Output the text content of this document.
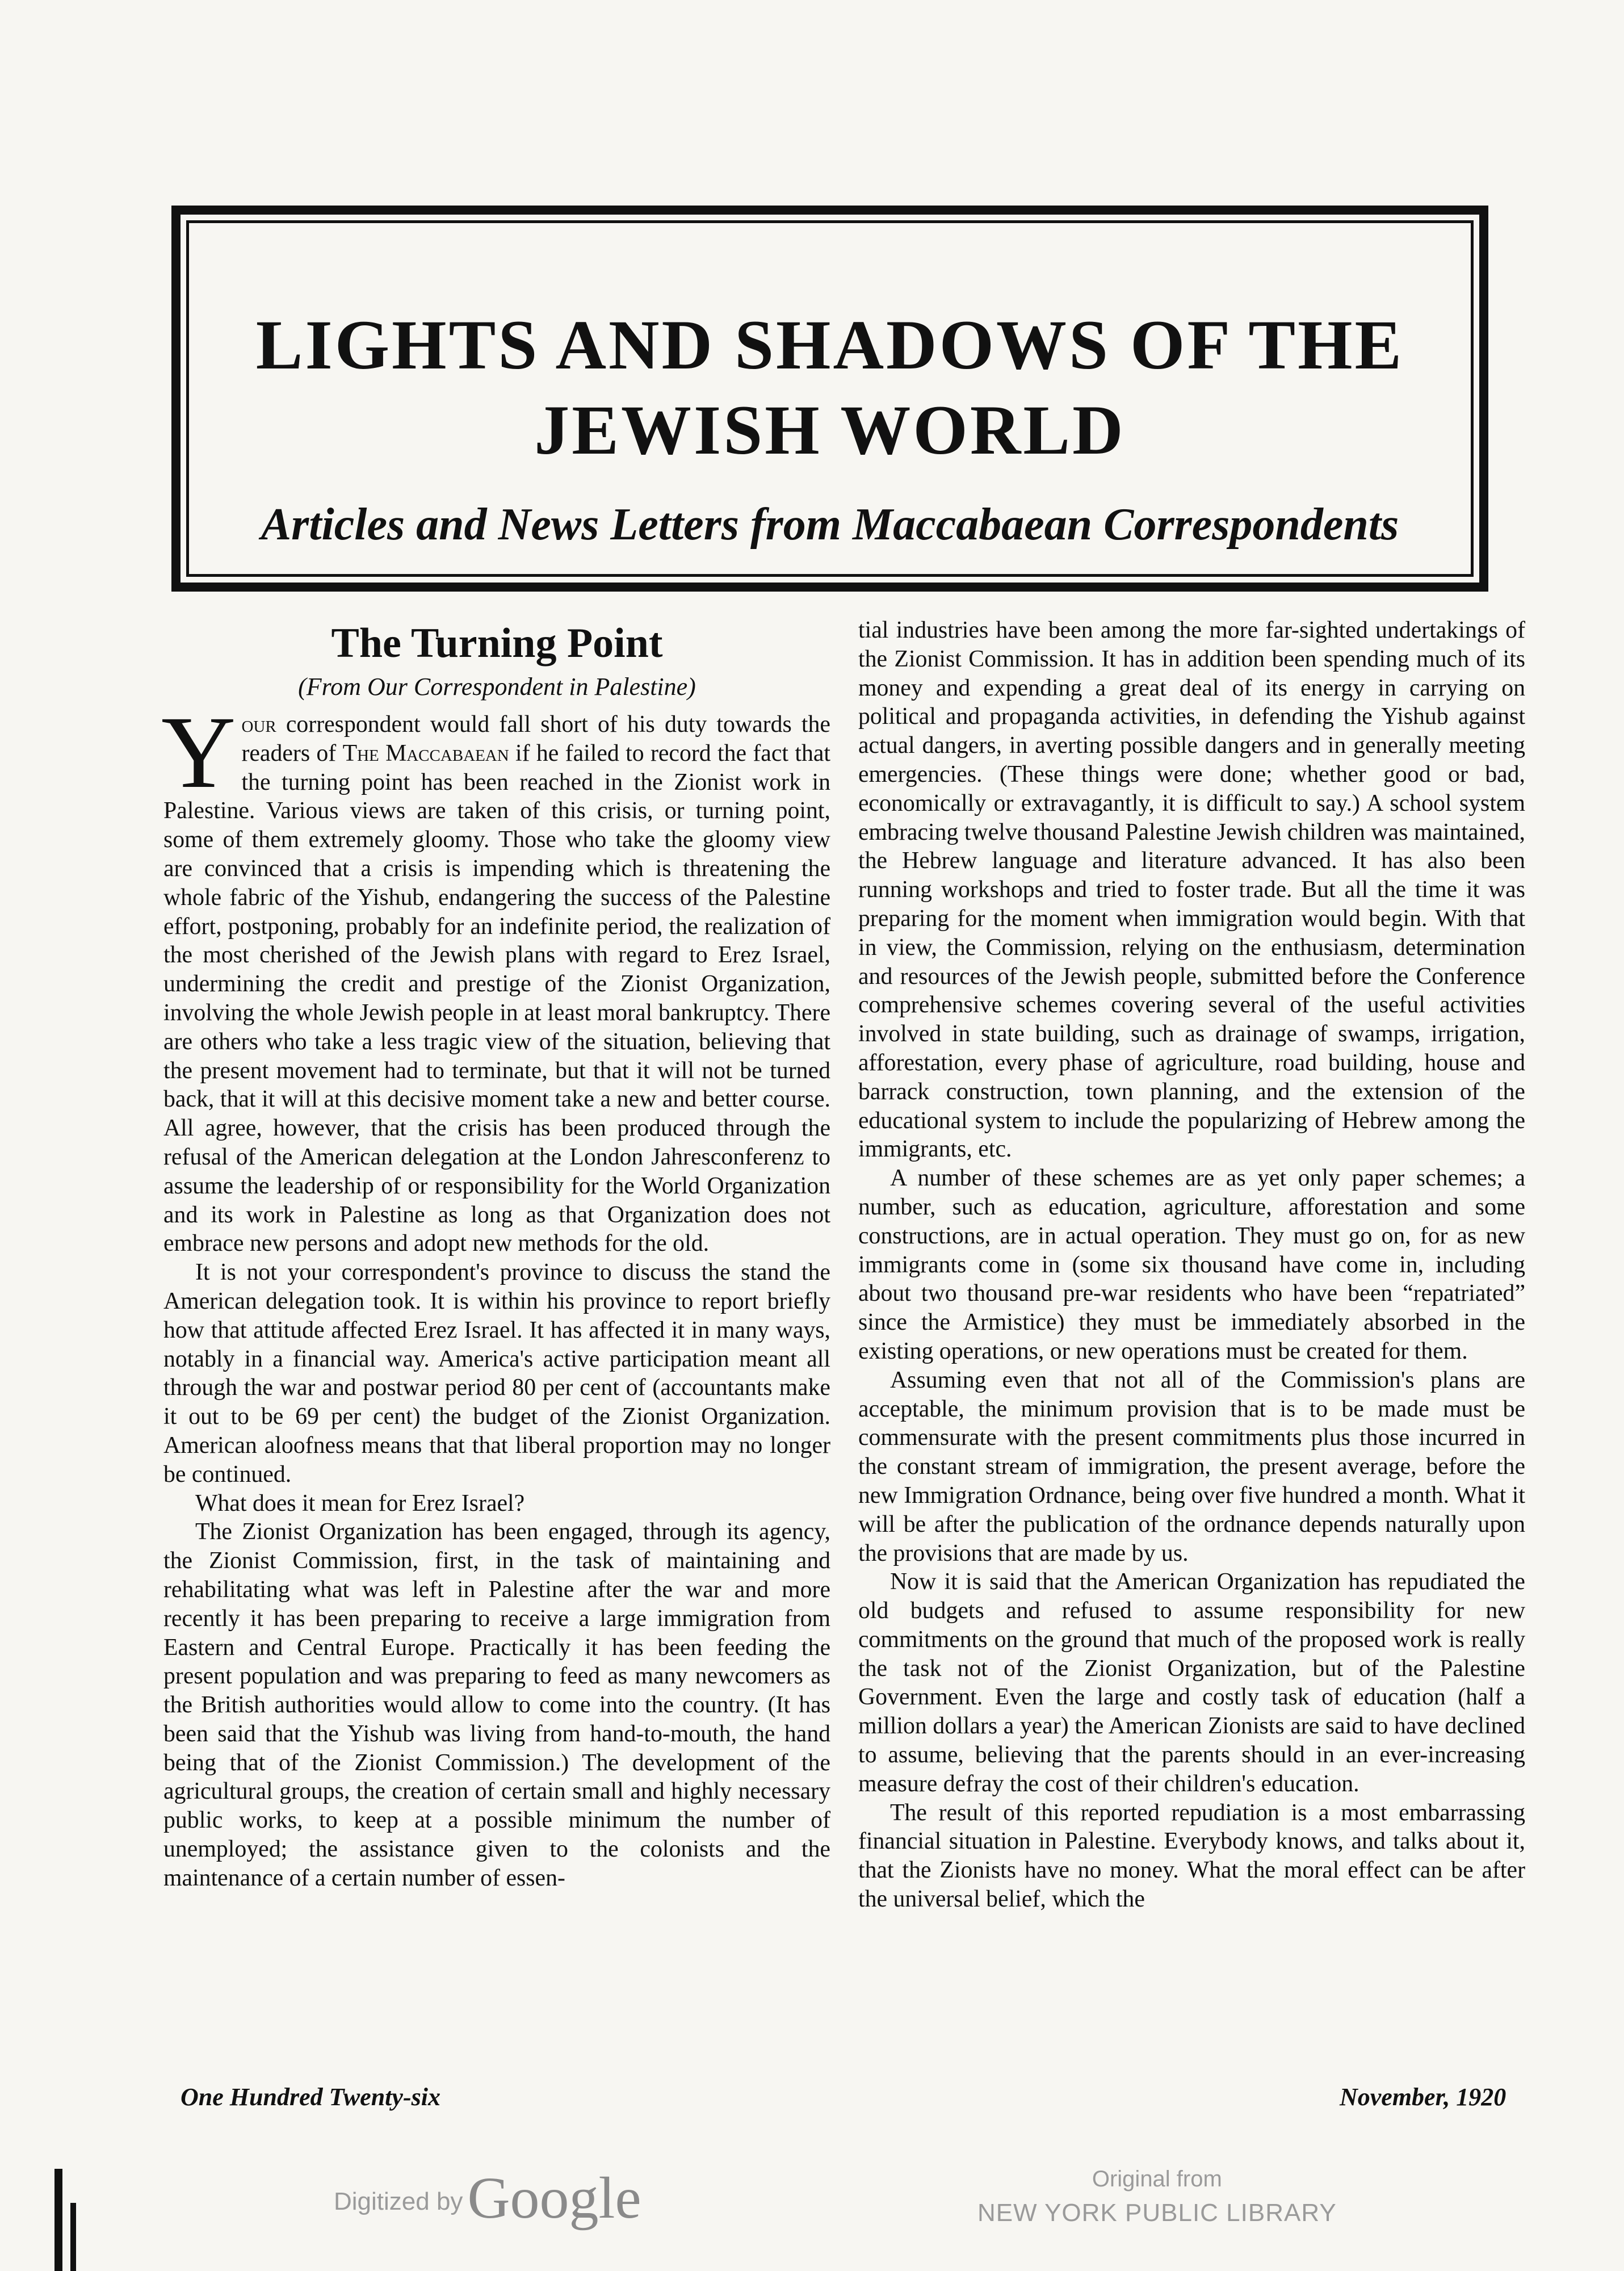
LIGHTS AND SHADOWS OF THE
JEWISH WORLD
Articles and News Letters from Maccabaean Correspondents
The Turning Point
(From Our Correspondent in Palestine)

Your correspondent would fall short of his duty towards the readers of The Maccabaean if he failed to record the fact that the turning point has been reached in the Zionist work in Palestine. Various views are taken of this crisis, or turning point, some of them extremely gloomy. Those who take the gloomy view are convinced that a crisis is impending which is threatening the whole fabric of the Yishub, endangering the success of the Palestine effort, postponing, probably for an indefinite period, the realization of the most cherished of the Jewish plans with regard to Erez Israel, undermining the credit and prestige of the Zionist Organization, involving the whole Jewish people in at least moral bankruptcy. There are others who take a less tragic view of the situation, believing that the present movement had to terminate, but that it will not be turned back, that it will at this decisive moment take a new and better course. All agree, however, that the crisis has been produced through the refusal of the American delegation at the London Jahresconferenz to assume the leadership of or responsibility for the World Organization and its work in Palestine as long as that Organization does not embrace new persons and adopt new methods for the old.

It is not your correspondent's province to discuss the stand the American delegation took. It is within his province to report briefly how that attitude affected Erez Israel. It has affected it in many ways, notably in a financial way. America's active participation meant all through the war and postwar period 80 per cent of (accountants make it out to be 69 per cent) the budget of the Zionist Organization. American aloofness means that that liberal proportion may no longer be continued.

What does it mean for Erez Israel?

The Zionist Organization has been engaged, through its agency, the Zionist Commission, first, in the task of maintaining and rehabilitating what was left in Palestine after the war and more recently it has been preparing to receive a large immigration from Eastern and Central Europe. Practically it has been feeding the present population and was preparing to feed as many newcomers as the British authorities would allow to come into the country. (It has been said that the Yishub was living from hand-to-mouth, the hand being that of the Zionist Commission.) The development of the agricultural groups, the creation of certain small and highly necessary public works, to keep at a possible minimum the number of unemployed; the assistance given to the colonists and the maintenance of a certain number of essen-

tial industries have been among the more far-sighted undertakings of the Zionist Commission. It has in addition been spending much of its money and expending a great deal of its energy in carrying on political and propaganda activities, in defending the Yishub against actual dangers, in averting possible dangers and in generally meeting emergencies. (These things were done; whether good or bad, economically or extravagantly, it is difficult to say.) A school system embracing twelve thousand Palestine Jewish children was maintained, the Hebrew language and literature advanced. It has also been running workshops and tried to foster trade. But all the time it was preparing for the moment when immigration would begin. With that in view, the Commission, relying on the enthusiasm, determination and resources of the Jewish people, submitted before the Conference comprehensive schemes covering several of the useful activities involved in state building, such as drainage of swamps, irrigation, afforestation, every phase of agriculture, road building, house and barrack construction, town planning, and the extension of the educational system to include the popularizing of Hebrew among the immigrants, etc.

A number of these schemes are as yet only paper schemes; a number, such as education, agriculture, afforestation and some constructions, are in actual operation. They must go on, for as new immigrants come in (some six thousand have come in, including about two thousand pre-war residents who have been “repatriated” since the Armistice) they must be immediately absorbed in the existing operations, or new operations must be created for them.

Assuming even that not all of the Commission's plans are acceptable, the minimum provision that is to be made must be commensurate with the present commitments plus those incurred in the constant stream of immigration, the present average, before the new Immigration Ordnance, being over five hundred a month. What it will be after the publication of the ordnance depends naturally upon the provisions that are made by us.

Now it is said that the American Organization has repudiated the old budgets and refused to assume responsibility for new commitments on the ground that much of the proposed work is really the task not of the Zionist Organization, but of the Palestine Government. Even the large and costly task of education (half a million dollars a year) the American Zionists are said to have declined to assume, believing that the parents should in an ever-increasing measure defray the cost of their children's education.

The result of this reported repudiation is a most embarrassing financial situation in Palestine. Everybody knows, and talks about it, that the Zionists have no money. What the moral effect can be after the universal belief, which the

One Hundred Twenty-six	November, 1920
Digitized byGoogle	Original from
NEW YORK PUBLIC LIBRARY
